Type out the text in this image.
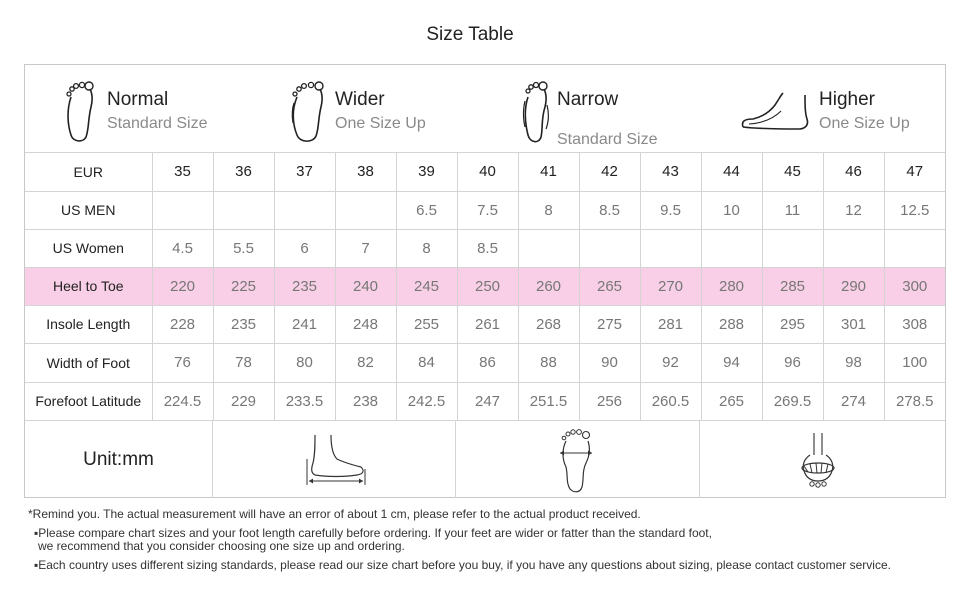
Size Table
Normal
Standard Size
Wider
One Size Up
Narrow
Standard Size
Higher
One Size Up
EUR	35	36	37	38	39	40	41	42	43	44	45	46	47
US MEN					6.5	7.5	8	8.5	9.5	10	11	12	12.5
US Women	4.5	5.5	6	7	8	8.5							
Heel to Toe	220	225	235	240	245	250	260	265	270	280	285	290	300
Insole Length	228	235	241	248	255	261	268	275	281	288	295	301	308
Width of Foot	76	78	80	82	84	86	88	90	92	94	96	98	100
Forefoot Latitude	224.5	229	233.5	238	242.5	247	251.5	256	260.5	265	269.5	274	278.5
Unit:mm

*Remind you. The actual measurement will have an error of about 1 cm, please refer to the actual product received.

▪Please compare chart sizes and your foot length carefully before ordering. If your feet are wider or fatter than the standard foot,

we recommend that you consider choosing one size up and ordering.

▪Each country uses different sizing standards, please read our size chart before you buy, if you have any questions about sizing, please contact customer service.
